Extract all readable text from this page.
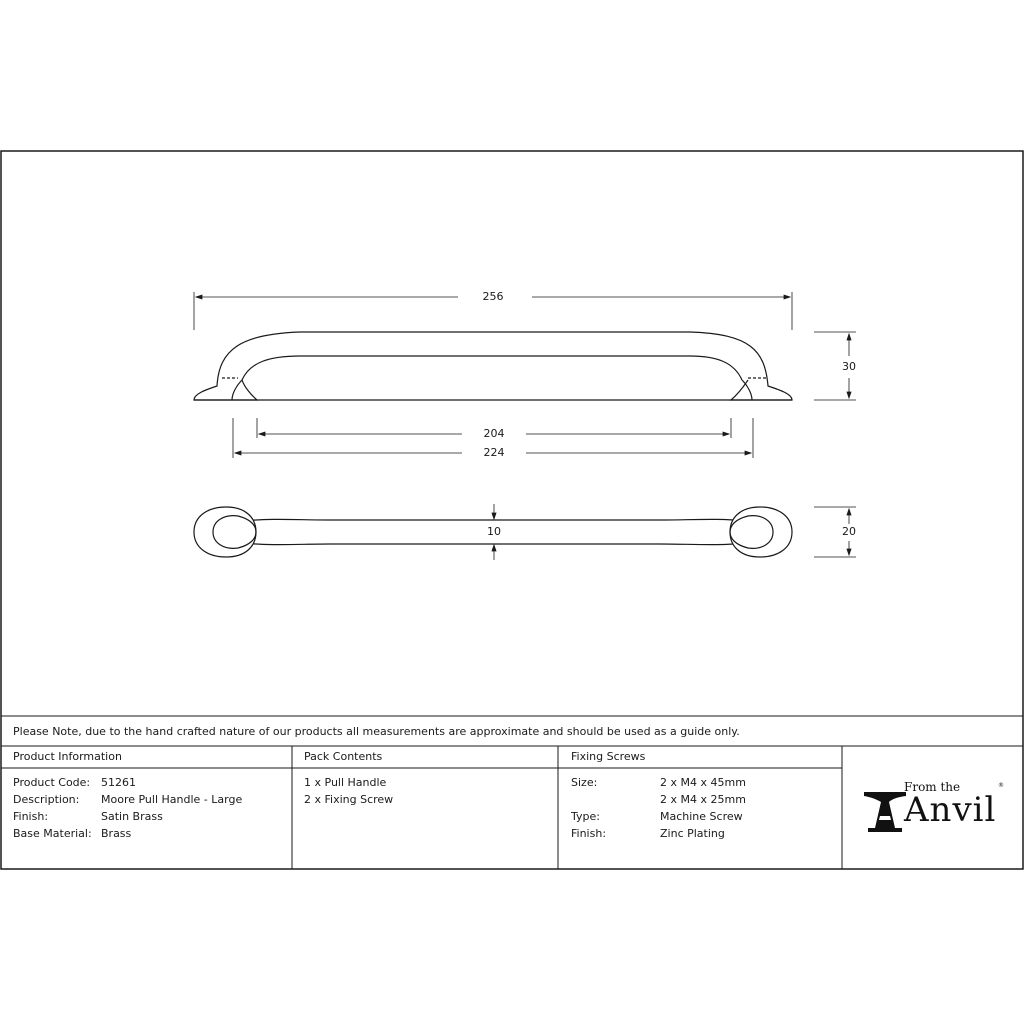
256
30
204
224
10	20
Please Note, due to the hand crafted nature of our products all measurements are approximate and should be used as a guide only.
Product Information	Pack Contents	Fixing Screws
Product Code: 51261
Description: Moore Pull Handle - Large
Finish:	Satin Brass
Base Material: Brass
1 x Pull Handle
2 x Fixing Screw
Size:	2 x M4 x 45mm
2 x M4 x 25mm
Type:	Machine Screw
Finish:	Zinc Plating
From the
Anvil
®
